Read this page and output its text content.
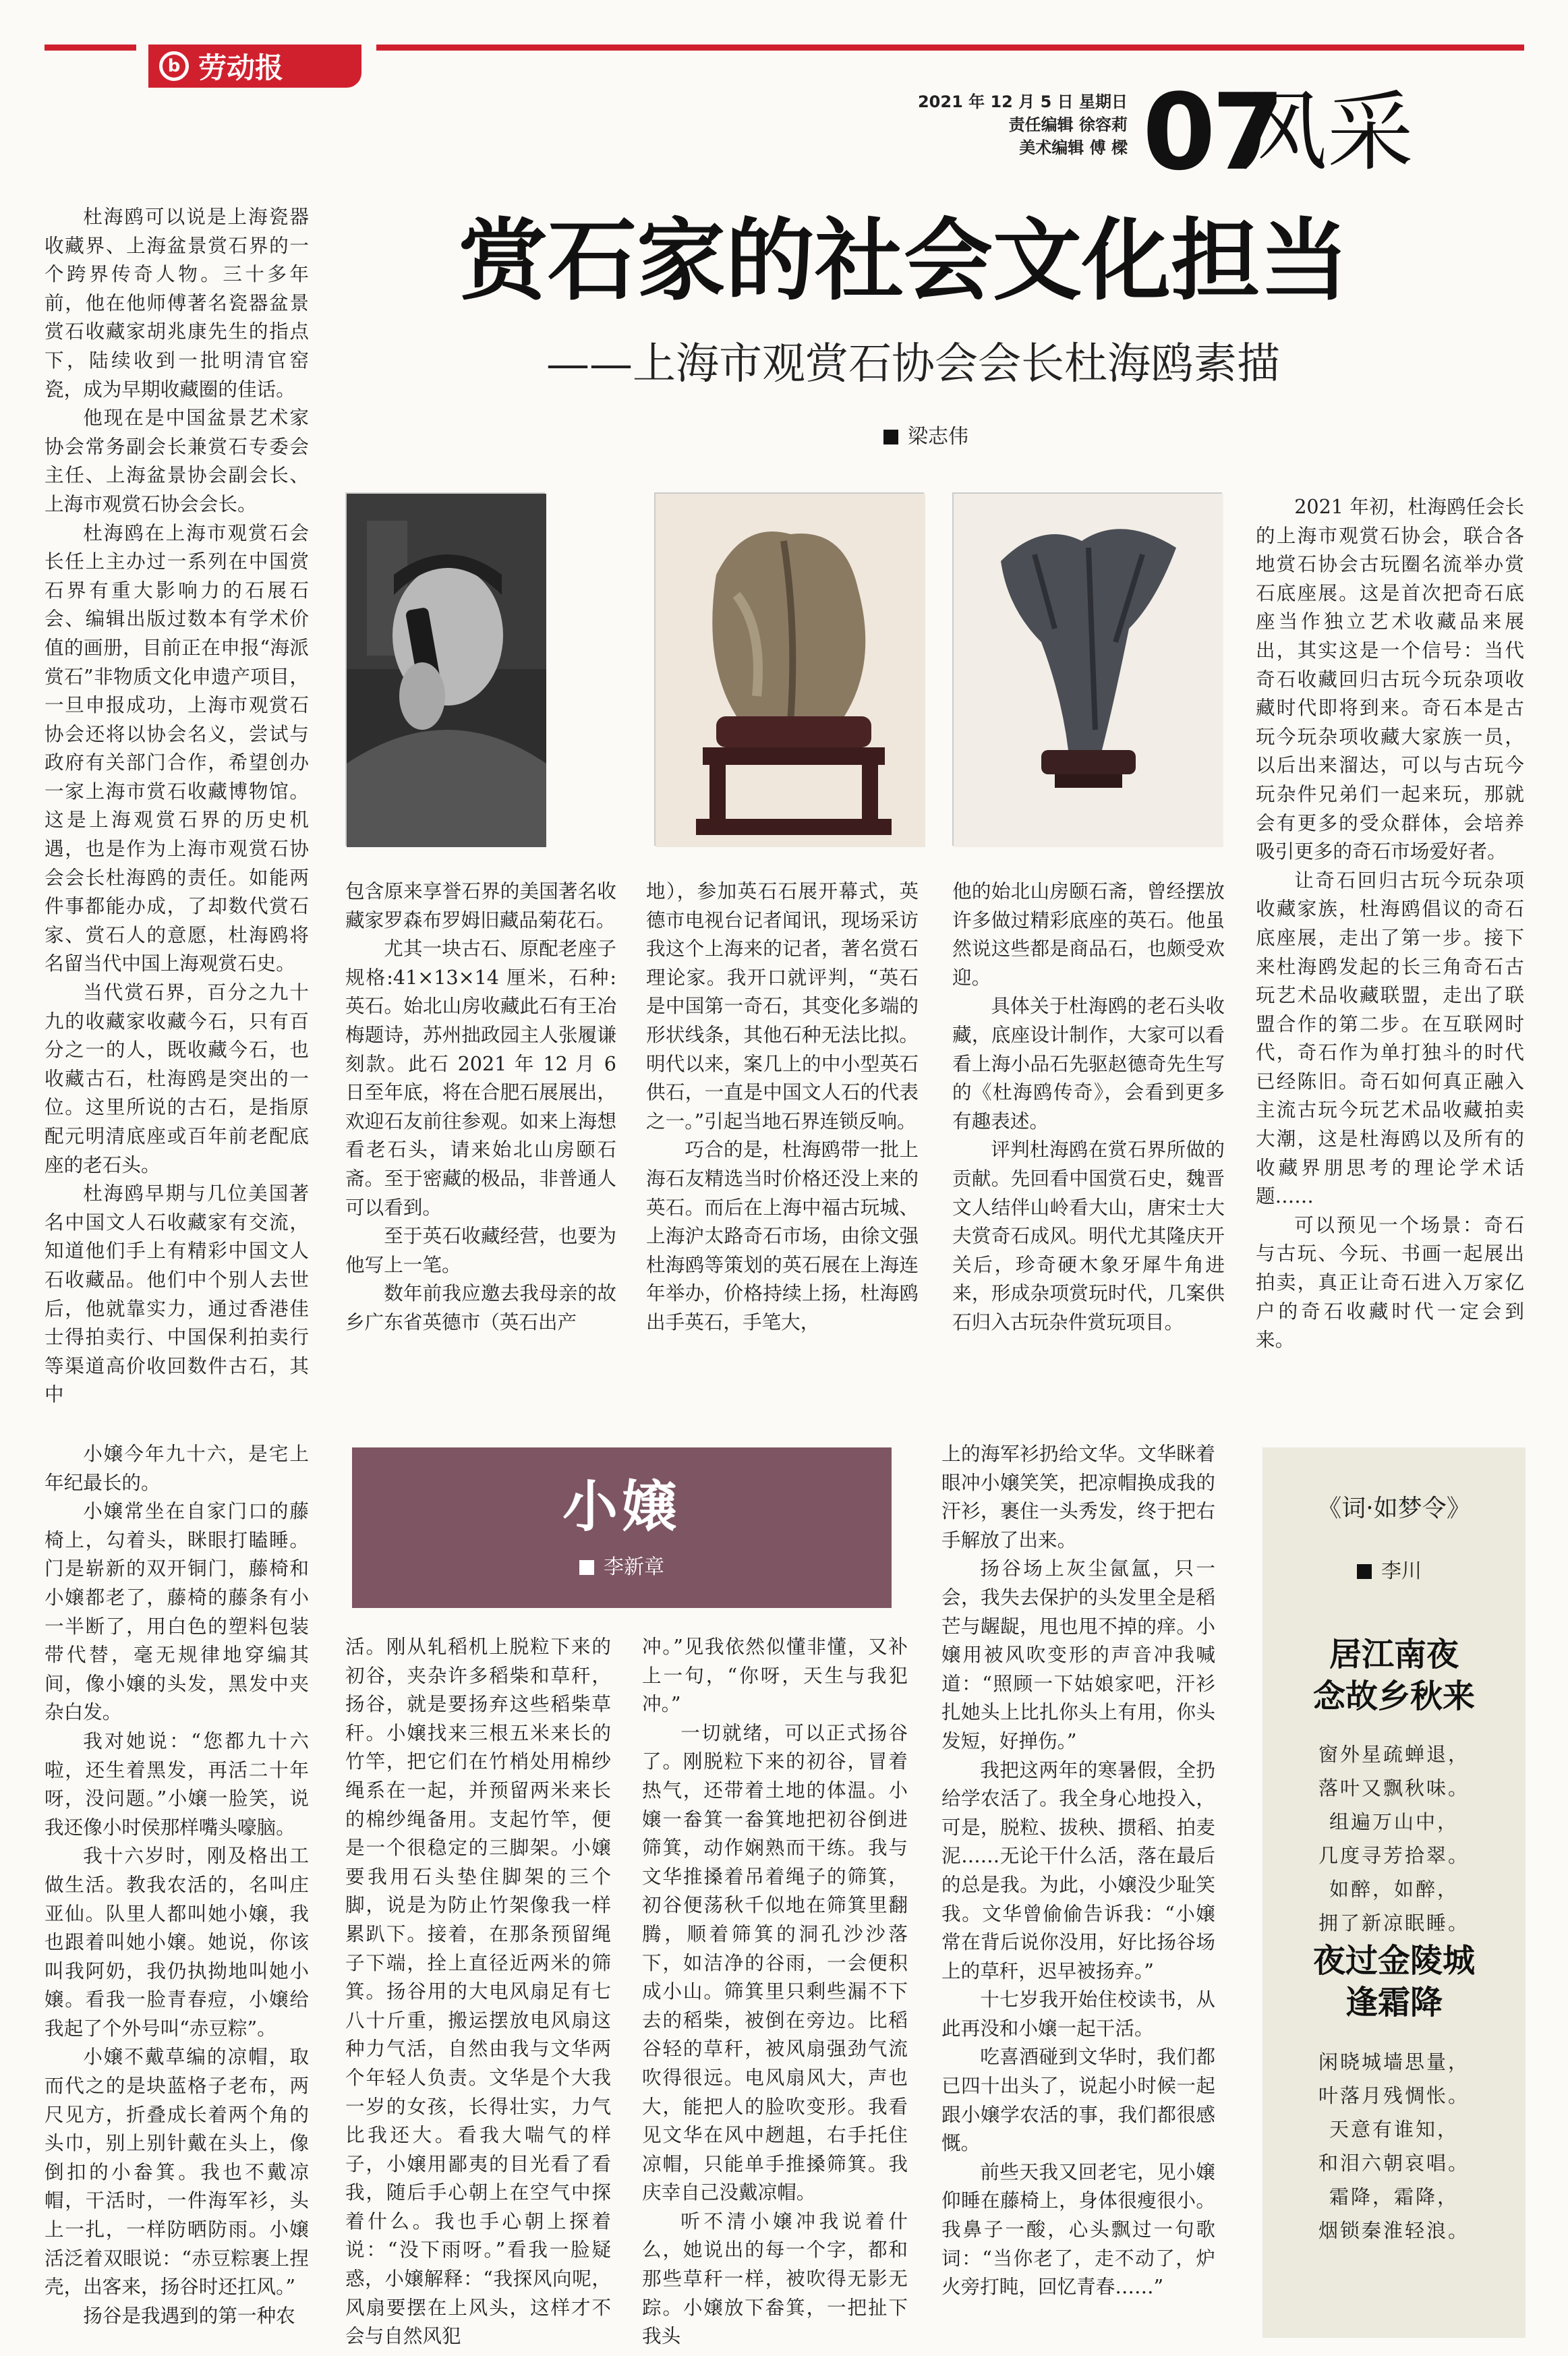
b 劳动报
2021 年 12 月 5 日 星期日
责任编辑 徐容莉
美术编辑 傅 樑 07
风采

杜海鸥可以说是上海瓷器收藏界、上海盆景赏石界的一个跨界传奇人物。三十多年前，他在他师傅著名瓷器盆景赏石收藏家胡兆康先生的指点下，陆续收到一批明清官窑瓷，成为早期收藏圈的佳话。

他现在是中国盆景艺术家协会常务副会长兼赏石专委会主任、上海盆景协会副会长、上海市观赏石协会会长。

杜海鸥在上海市观赏石会长任上主办过一系列在中国赏石界有重大影响力的石展石会、编辑出版过数本有学术价值的画册，目前正在申报“海派赏石”非物质文化申遗产项目，一旦申报成功，上海市观赏石协会还将以协会名义，尝试与政府有关部门合作，希望创办一家上海市赏石收藏博物馆。这是上海观赏石界的历史机遇，也是作为上海市观赏石协会会长杜海鸥的责任。如能两件事都能办成，了却数代赏石家、赏石人的意愿，杜海鸥将名留当代中国上海观赏石史。

当代赏石界，百分之九十九的收藏家收藏今石，只有百分之一的人，既收藏今石，也收藏古石，杜海鸥是突出的一位。这里所说的古石，是指原配元明清底座或百年前老配底座的老石头。

杜海鸥早期与几位美国著名中国文人石收藏家有交流，知道他们手上有精彩中国文人石收藏品。他们中个别人去世后，他就靠实力，通过香港佳士得拍卖行、中国保利拍卖行等渠道高价收回数件古石，其中

赏石家的社会文化担当
——上海市观赏石协会会长杜海鸥素描
梁志伟

包含原来享誉石界的美国著名收藏家罗森布罗姆旧藏品菊花石。

尤其一块古石、原配老座子规格:41×13×14 厘米，石种:英石。始北山房收藏此石有王冶梅题诗，苏州拙政园主人张履谦刻款。此石 2021 年 12 月 6 日至年底，将在合肥石展展出，欢迎石友前往参观。如来上海想看老石头，请来始北山房颐石斋。至于密藏的极品，非普通人可以看到。

至于英石收藏经营，也要为他写上一笔。

数年前我应邀去我母亲的故乡广东省英德市（英石出产

地），参加英石石展开幕式，英德市电视台记者闻讯，现场采访我这个上海来的记者，著名赏石理论家。我开口就评判，“英石是中国第一奇石，其变化多端的形状线条，其他石种无法比拟。明代以来，案几上的中小型英石供石，一直是中国文人石的代表之一。”引起当地石界连锁反响。

巧合的是，杜海鸥带一批上海石友精选当时价格还没上来的英石。而后在上海中福古玩城、上海沪太路奇石市场，由徐文强杜海鸥等策划的英石展在上海连年举办，价格持续上扬，杜海鸥出手英石，手笔大，

他的始北山房颐石斋，曾经摆放许多做过精彩底座的英石。他虽然说这些都是商品石，也颇受欢迎。

具体关于杜海鸥的老石头收藏，底座设计制作，大家可以看看上海小品石先驱赵德奇先生写的《杜海鸥传奇》，会看到更多有趣表述。

评判杜海鸥在赏石界所做的贡献。先回看中国赏石史，魏晋文人结伴山岭看大山，唐宋士大夫赏奇石成风。明代尤其隆庆开关后，珍奇硬木象牙犀牛角进来，形成杂项赏玩时代，几案供石归入古玩杂件赏玩项目。

2021 年初，杜海鸥任会长的上海市观赏石协会，联合各地赏石协会古玩圈名流举办赏石底座展。这是首次把奇石底座当作独立艺术收藏品来展出，其实这是一个信号：当代奇石收藏回归古玩今玩杂项收藏时代即将到来。奇石本是古玩今玩杂项收藏大家族一员，以后出来溜达，可以与古玩今玩杂件兄弟们一起来玩，那就会有更多的受众群体，会培养吸引更多的奇石市场爱好者。

让奇石回归古玩今玩杂项收藏家族，杜海鸥倡议的奇石底座展，走出了第一步。接下来杜海鸥发起的长三角奇石古玩艺术品收藏联盟，走出了联盟合作的第二步。在互联网时代，奇石作为单打独斗的时代已经陈旧。奇石如何真正融入主流古玩今玩艺术品收藏拍卖大潮，这是杜海鸥以及所有的收藏界朋思考的理论学术话题……

可以预见一个场景：奇石与古玩、今玩、书画一起展出拍卖，真正让奇石进入万家亿户的奇石收藏时代一定会到来。

小嬢今年九十六，是宅上年纪最长的。

小嬢常坐在自家门口的藤椅上，勾着头，眯眼打瞌睡。门是崭新的双开铜门，藤椅和小嬢都老了，藤椅的藤条有小一半断了，用白色的塑料包装带代替，毫无规律地穿编其间，像小嬢的头发，黑发中夹杂白发。

我对她说：“您都九十六啦，还生着黑发，再活二十年呀，没问题。”小嬢一脸笑，说我还像小时侯那样嘴头嚎脑。

我十六岁时，刚及格出工做生活。教我农活的，名叫庄亚仙。队里人都叫她小嬢，我也跟着叫她小嬢。她说，你该叫我阿奶，我仍执拗地叫她小嬢。看我一脸青春痘，小嬢给我起了个外号叫“赤豆粽”。

小嬢不戴草编的凉帽，取而代之的是块蓝格子老布，两尺见方，折叠成长着两个角的头巾，别上别针戴在头上，像倒扣的小畚箕。我也不戴凉帽，干活时，一件海军衫，头上一扎，一样防晒防雨。小嬢活泛着双眼说：“赤豆粽裹上捏壳，出客来，扬谷时还扛风。”

扬谷是我遇到的第一种农

小嬢
李新章

活。刚从轧稻机上脱粒下来的初谷，夹杂许多稻柴和草秆，扬谷，就是要扬弃这些稻柴草秆。小嬢找来三根五米来长的竹竿，把它们在竹梢处用棉纱绳系在一起，并预留两米来长的棉纱绳备用。支起竹竿，便是一个很稳定的三脚架。小嬢要我用石头垫住脚架的三个脚，说是为防止竹架像我一样累趴下。接着，在那条预留绳子下端，拴上直径近两米的筛箕。扬谷用的大电风扇足有七八十斤重，搬运摆放电风扇这种力气活，自然由我与文华两个年轻人负责。文华是个大我一岁的女孩，长得壮实，力气比我还大。看我大喘气的样子，小嬢用鄙夷的目光看了看我，随后手心朝上在空气中探着什么。我也手心朝上探着说：“没下雨呀。”看我一脸疑惑，小嬢解释：“我探风向呢，风扇要摆在上风头，这样才不会与自然风犯

冲。”见我依然似懂非懂，又补上一句，“你呀，天生与我犯冲。”

一切就绪，可以正式扬谷了。刚脱粒下来的初谷，冒着热气，还带着土地的体温。小嬢一畚箕一畚箕地把初谷倒进筛箕，动作娴熟而干练。我与文华推搡着吊着绳子的筛箕，初谷便荡秋千似地在筛箕里翻腾，顺着筛箕的洞孔沙沙落下，如洁净的谷雨，一会便积成小山。筛箕里只剩些漏不下去的稻柴，被倒在旁边。比稻谷轻的草秆，被风扇强劲气流吹得很远。电风扇风大，声也大，能把人的脸吹变形。我看见文华在风中趔趄，右手托住凉帽，只能单手推搡筛箕。我庆幸自己没戴凉帽。

听不清小嬢冲我说着什么，她说出的每一个字，都和那些草秆一样，被吹得无影无踪。小嬢放下畚箕，一把扯下我头

上的海军衫扔给文华。文华眯着眼冲小嬢笑笑，把凉帽换成我的汗衫，裹住一头秀发，终于把右手解放了出来。

扬谷场上灰尘氤氲，只一会，我失去保护的头发里全是稻芒与龌龊，甩也甩不掉的痒。小嬢用被风吹变形的声音冲我喊道：“照顾一下姑娘家吧，汗衫扎她头上比扎你头上有用，你头发短，好掸伤。”

我把这两年的寒暑假，全扔给学农活了。我全身心地投入，可是，脱粒、拔秧、掼稻、拍麦泥……无论干什么活，落在最后的总是我。为此，小嬢没少耻笑我。文华曾偷偷告诉我：“小嬢常在背后说你没用，好比扬谷场上的草秆，迟早被扬弃。”

十七岁我开始住校读书，从此再没和小嬢一起干活。

吃喜酒碰到文华时，我们都已四十出头了，说起小时候一起跟小嬢学农活的事，我们都很感慨。

前些天我又回老宅，见小嬢仰睡在藤椅上，身体很瘦很小。我鼻子一酸，心头飘过一句歌词：“当你老了，走不动了，炉火旁打盹，回忆青春……”

《词·如梦令》
李川
居江南夜
念故乡秋来
窗外星疏蝉退，
落叶又飘秋味。
组遍万山中，
几度寻芳拾翠。
如醉，如醉，
拥了新凉眠睡。
夜过金陵城
逢霜降
闲晓城墙思量，
叶落月残惆怅。
天意有谁知，
和泪六朝哀唱。
霜降，霜降，
烟锁秦淮轻浪。
